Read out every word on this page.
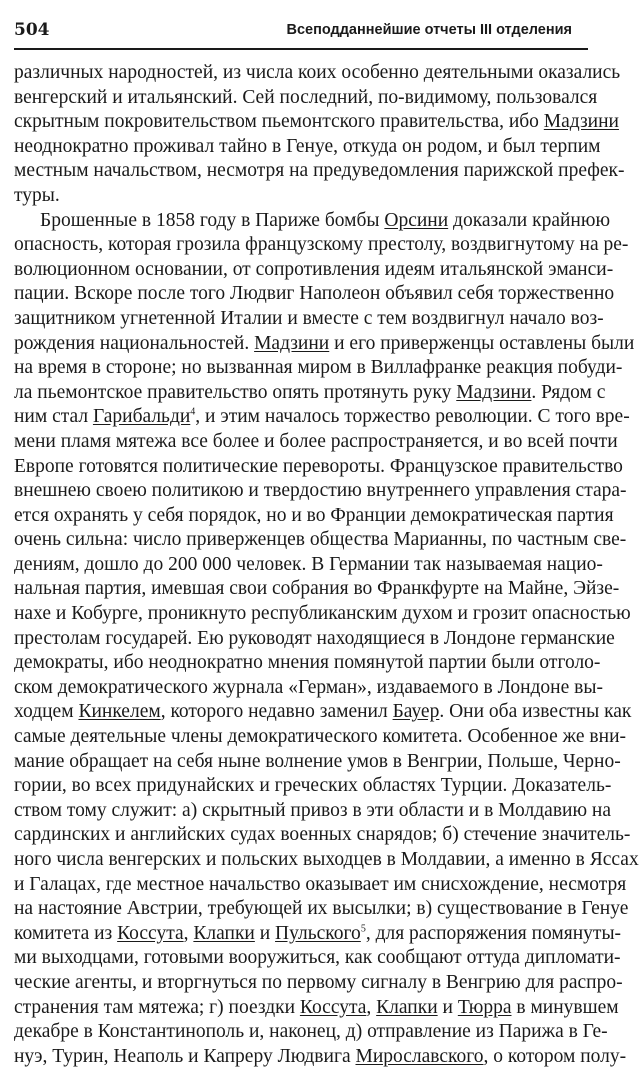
504	Всеподданнейшие отчеты III отделения

различных народностей, из числа коих особенно деятельными оказались

венгерский и итальянский. Сей последний, по-видимому, пользовался

скрытным покровительством пьемонтского правительства, ибо Мадзини

неоднократно проживал тайно в Генуе, откуда он родом, и был терпим

местным начальством, несмотря на предуведомления парижской префек-

туры.

Брошенные в 1858 году в Париже бомбы Орсини доказали крайнюю

опасность, которая грозила французскому престолу, воздвигнутому на ре-

волюционном основании, от сопротивления идеям итальянской эманси-

пации. Вскоре после того Людвиг Наполеон объявил себя торжественно

защитником угнетенной Италии и вместе с тем воздвигнул начало воз-

рождения национальностей. Мадзини и его приверженцы оставлены были

на время в стороне; но вызванная миром в Виллафранке реакция побуди-

ла пьемонтское правительство опять протянуть руку Мадзини. Рядом с

ним стал Гарибальди$^4$, и этим началось торжество революции. С того вре-

мени пламя мятежа все более и более распространяется, и во всей почти

Европе готовятся политические перевороты. Французское правительство

внешнею своею политикою и твердостию внутреннего управления стара-

ется охранять у себя порядок, но и во Франции демократическая партия

очень сильна: число приверженцев общества Марианны, по частным све-

дениям, дошло до 200 000 человек. В Германии так называемая нацио-

нальная партия, имевшая свои собрания во Франкфурте на Майне, Эйзе-

нахе и Кобурге, проникнуто республиканским духом и грозит опасностью

престолам государей. Ею руководят находящиеся в Лондоне германские

демократы, ибо неоднократно мнения помянутой партии были отголо-

ском демократического журнала «Герман», издаваемого в Лондоне вы-

ходцем Кинкелем, которого недавно заменил Бауер. Они оба известны как

самые деятельные члены демократического комитета. Особенное же вни-

мание обращает на себя ныне волнение умов в Венгрии, Польше, Черно-

гории, во всех придунайских и греческих областях Турции. Доказатель-

ством тому служит: а) скрытный привоз в эти области и в Молдавию на

сардинских и английских судах военных снарядов; б) стечение значитель-

ного числа венгерских и польских выходцев в Молдавии, а именно в Яссах

и Галацах, где местное начальство оказывает им снисхождение, несмотря

на настояние Австрии, требующей их высылки; в) существование в Генуе

комитета из Коссута, Клапки и Пульского$^5$, для распоряжения помянуты-

ми выходцами, готовыми вооружиться, как сообщают оттуда дипломати-

ческие агенты, и вторгнуться по первому сигналу в Венгрию для распро-

странения там мятежа; г) поездки Коссута, Клапки и Тюрра в минувшем

декабре в Константинополь и, наконец, д) отправление из Парижа в Ге-

нуэ, Турин, Неаполь и Капреру Людвига Мирославского, о котором полу-
